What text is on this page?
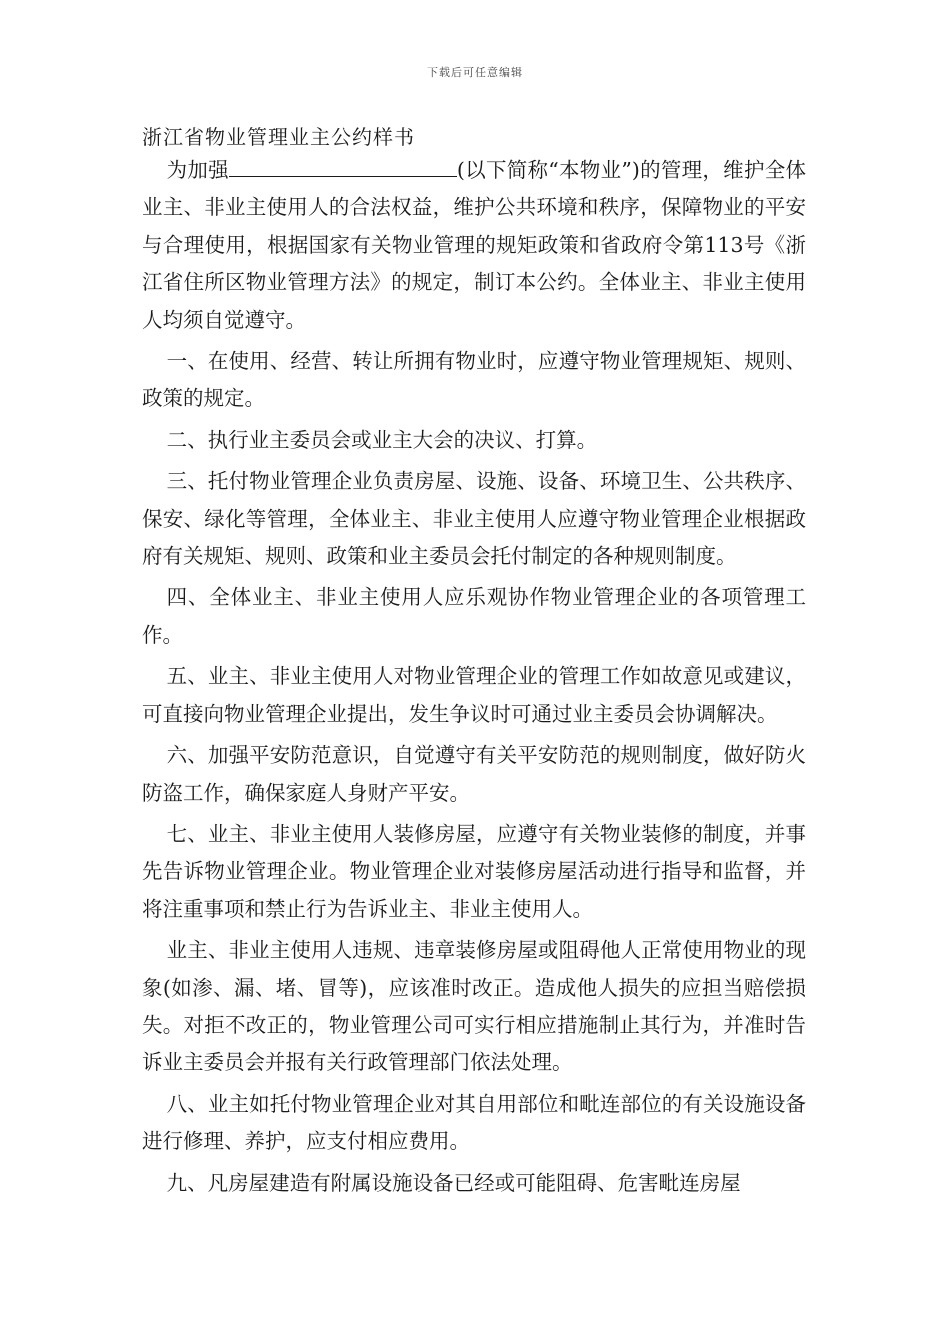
下载后可任意编辑
浙江省物业管理业主公约样书

为加强	(以下简称“本物业”)的管理，维护全体业主、非业主使用人的合法权益，维护公共环境和秩序，保障物业的平安与合理使用，根据国家有关物业管理的规矩政策和省政府令第113号《浙江省住所区物业管理方法》的规定，制订本公约。全体业主、非业主使用人均须自觉遵守。

一、在使用、经营、转让所拥有物业时，应遵守物业管理规矩、规则、政策的规定。

二、执行业主委员会或业主大会的决议、打算。

三、托付物业管理企业负责房屋、设施、设备、环境卫生、公共秩序、保安、绿化等管理，全体业主、非业主使用人应遵守物业管理企业根据政府有关规矩、规则、政策和业主委员会托付制定的各种规则制度。

四、全体业主、非业主使用人应乐观协作物业管理企业的各项管理工作。

五、业主、非业主使用人对物业管理企业的管理工作如故意见或建议，可直接向物业管理企业提出，发生争议时可通过业主委员会协调解决。

六、加强平安防范意识，自觉遵守有关平安防范的规则制度，做好防火防盗工作，确保家庭人身财产平安。

七、业主、非业主使用人装修房屋，应遵守有关物业装修的制度，并事先告诉物业管理企业。物业管理企业对装修房屋活动进行指导和监督，并将注重事项和禁止行为告诉业主、非业主使用人。

业主、非业主使用人违规、违章装修房屋或阻碍他人正常使用物业的现象(如渗、漏、堵、冒等)，应该准时改正。造成他人损失的应担当赔偿损失。对拒不改正的，物业管理公司可实行相应措施制止其行为，并准时告诉业主委员会并报有关行政管理部门依法处理。

八、业主如托付物业管理企业对其自用部位和毗连部位的有关设施设备进行修理、养护，应支付相应费用。

九、凡房屋建造有附属设施设备已经或可能阻碍、危害毗连房屋
